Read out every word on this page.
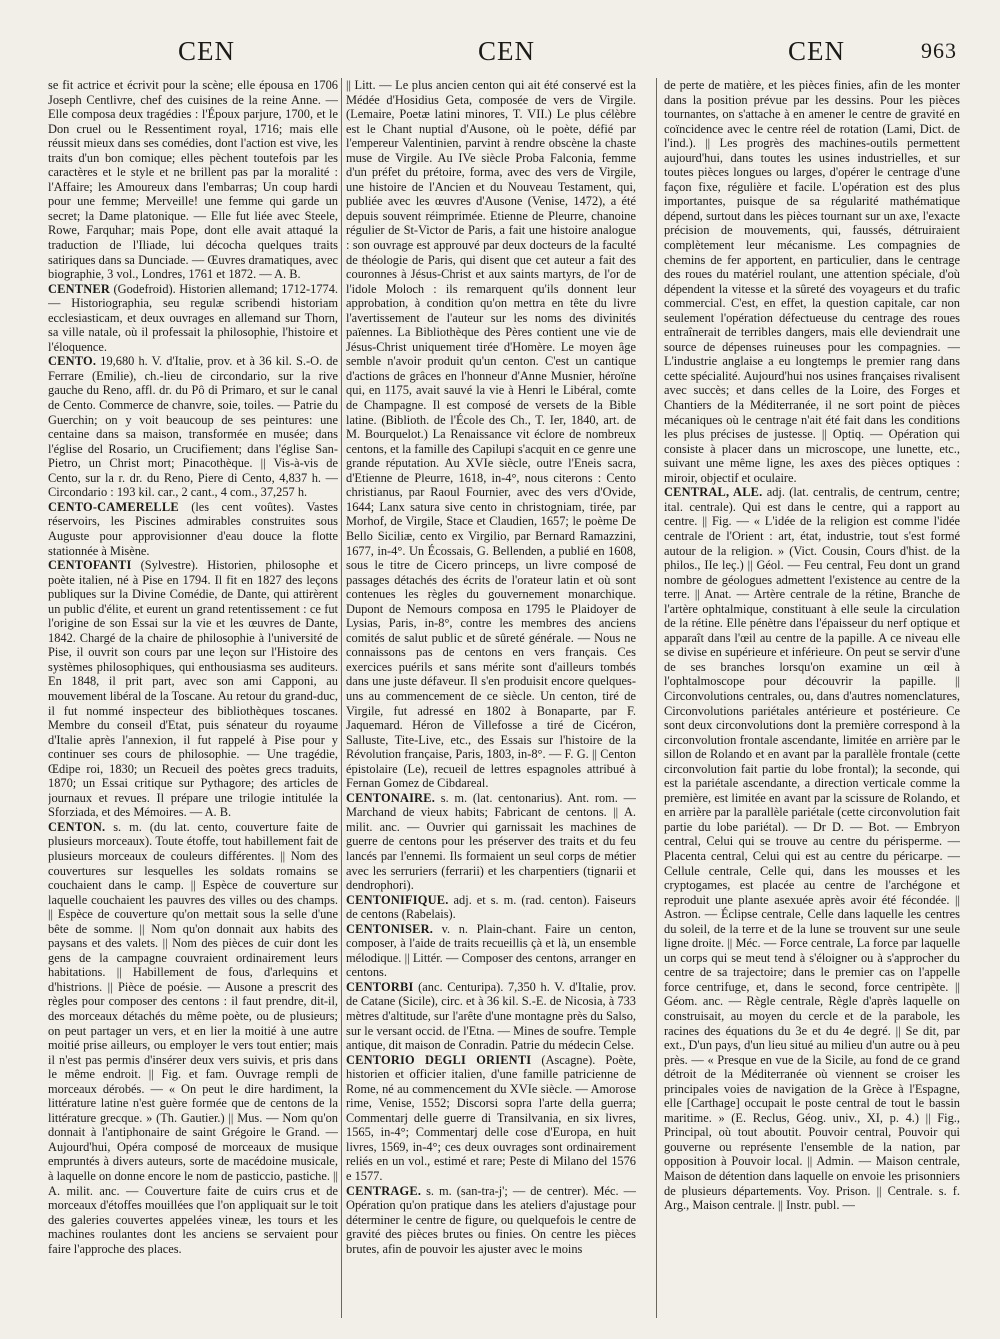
CEN	CEN	CEN	963

se fit actrice et écrivit pour la scène; elle épousa en 1706 Joseph Centlivre, chef des cuisines de la reine Anne. — Elle composa deux tragédies : l'Époux parjure, 1700, et le Don cruel ou le Ressentiment royal, 1716; mais elle réussit mieux dans ses comédies, dont l'action est vive, les traits d'un bon comique; elles pèchent toutefois par les caractères et le style et ne brillent pas par la moralité : l'Affaire; les Amoureux dans l'embarras; Un coup hardi pour une femme; Merveille! une femme qui garde un secret; la Dame platonique. — Elle fut liée avec Steele, Rowe, Farquhar; mais Pope, dont elle avait attaqué la traduction de l'Iliade, lui décocha quelques traits satiriques dans sa Dunciade. — Œuvres dramatiques, avec biographie, 3 vol., Londres, 1761 et 1872. — A. B.

CENTNER (Godefroid). Historien allemand; 1712-1774. — Historiographia, seu regulæ scribendi historiam ecclesiasticam, et deux ouvrages en allemand sur Thorn, sa ville natale, où il professait la philosophie, l'histoire et l'éloquence.

CENTO. 19,680 h. V. d'Italie, prov. et à 36 kil. S.-O. de Ferrare (Emilie), ch.-lieu de circondario, sur la rive gauche du Reno, affl. dr. du Pô di Primaro, et sur le canal de Cento. Commerce de chanvre, soie, toiles. — Patrie du Guerchin; on y voit beaucoup de ses peintures: une centaine dans sa maison, transformée en musée; dans l'église del Rosario, un Crucifiement; dans l'église San-Pietro, un Christ mort; Pinacothèque. || Vis-à-vis de Cento, sur la r. dr. du Reno, Piere di Cento, 4,837 h. — Circondario : 193 kil. car., 2 cant., 4 com., 37,257 h.

CENTO-CAMERELLE (les cent voûtes). Vastes réservoirs, les Piscines admirables construites sous Auguste pour approvisionner d'eau douce la flotte stationnée à Misène.

CENTOFANTI (Sylvestre). Historien, philosophe et poète italien, né à Pise en 1794. Il fit en 1827 des leçons publiques sur la Divine Comédie, de Dante, qui attirèrent un public d'élite, et eurent un grand retentissement : ce fut l'origine de son Essai sur la vie et les œuvres de Dante, 1842. Chargé de la chaire de philosophie à l'université de Pise, il ouvrit son cours par une leçon sur l'Histoire des systèmes philosophiques, qui enthousiasma ses auditeurs. En 1848, il prit part, avec son ami Capponi, au mouvement libéral de la Toscane. Au retour du grand-duc, il fut nommé inspecteur des bibliothèques toscanes. Membre du conseil d'Etat, puis sénateur du royaume d'Italie après l'annexion, il fut rappelé à Pise pour y continuer ses cours de philosophie. — Une tragédie, Œdipe roi, 1830; un Recueil des poètes grecs traduits, 1870; un Essai critique sur Pythagore; des articles de journaux et revues. Il prépare une trilogie intitulée la Sforziada, et des Mémoires. — A. B.

CENTON. s. m. (du lat. cento, couverture faite de plusieurs morceaux). Toute étoffe, tout habillement fait de plusieurs morceaux de couleurs différentes. || Nom des couvertures sur lesquelles les soldats romains se couchaient dans le camp. || Espèce de couverture sur laquelle couchaient les pauvres des villes ou des champs. || Espèce de couverture qu'on mettait sous la selle d'une bête de somme. || Nom qu'on donnait aux habits des paysans et des valets. || Nom des pièces de cuir dont les gens de la campagne couvraient ordinairement leurs habitations. || Habillement de fous, d'arlequins et d'histrions. || Pièce de poésie. — Ausone a prescrit des règles pour composer des centons : il faut prendre, dit-il, des morceaux détachés du même poète, ou de plusieurs; on peut partager un vers, et en lier la moitié à une autre moitié prise ailleurs, ou employer le vers tout entier; mais il n'est pas permis d'insérer deux vers suivis, et pris dans le même endroit. || Fig. et fam. Ouvrage rempli de morceaux dérobés. — « On peut le dire hardiment, la littérature latine n'est guère formée que de centons de la littérature grecque. » (Th. Gautier.) || Mus. — Nom qu'on donnait à l'antiphonaire de saint Grégoire le Grand. — Aujourd'hui, Opéra composé de morceaux de musique empruntés à divers auteurs, sorte de macédoine musicale, à laquelle on donne encore le nom de pasticcio, pastiche. || A. milit. anc. — Couverture faite de cuirs crus et de morceaux d'étoffes mouillées que l'on appliquait sur le toit des galeries couvertes appelées vineæ, les tours et les machines roulantes dont les anciens se servaient pour faire l'approche des places.

|| Litt. — Le plus ancien centon qui ait été conservé est la Médée d'Hosidius Geta, composée de vers de Virgile. (Lemaire, Poetæ latini minores, T. VII.) Le plus célèbre est le Chant nuptial d'Ausone, où le poète, défié par l'empereur Valentinien, parvint à rendre obscène la chaste muse de Virgile. Au IVe siècle Proba Falconia, femme d'un préfet du prétoire, forma, avec des vers de Virgile, une histoire de l'Ancien et du Nouveau Testament, qui, publiée avec les œuvres d'Ausone (Venise, 1472), a été depuis souvent réimprimée. Etienne de Pleurre, chanoine régulier de St-Victor de Paris, a fait une histoire analogue : son ouvrage est approuvé par deux docteurs de la faculté de théologie de Paris, qui disent que cet auteur a fait des couronnes à Jésus-Christ et aux saints martyrs, de l'or de l'idole Moloch : ils remarquent qu'ils donnent leur approbation, à condition qu'on mettra en tête du livre l'avertissement de l'auteur sur les noms des divinités païennes. La Bibliothèque des Pères contient une vie de Jésus-Christ uniquement tirée d'Homère. Le moyen âge semble n'avoir produit qu'un centon. C'est un cantique d'actions de grâces en l'honneur d'Anne Musnier, héroïne qui, en 1175, avait sauvé la vie à Henri le Libéral, comte de Champagne. Il est composé de versets de la Bible latine. (Biblioth. de l'École des Ch., T. Ier, 1840, art. de M. Bourquelot.) La Renaissance vit éclore de nombreux centons, et la famille des Capilupi s'acquit en ce genre une grande réputation. Au XVIe siècle, outre l'Eneis sacra, d'Etienne de Pleurre, 1618, in-4°, nous citerons : Cento christianus, par Raoul Fournier, avec des vers d'Ovide, 1644; Lanx satura sive cento in christogniam, tirée, par Morhof, de Virgile, Stace et Claudien, 1657; le poème De Bello Siciliæ, cento ex Virgilio, par Bernard Ramazzini, 1677, in-4°. Un Écossais, G. Bellenden, a publié en 1608, sous le titre de Cicero princeps, un livre composé de passages détachés des écrits de l'orateur latin et où sont contenues les règles du gouvernement monarchique. Dupont de Nemours composa en 1795 le Plaidoyer de Lysias, Paris, in-8°, contre les membres des anciens comités de salut public et de sûreté générale. — Nous ne connaissons pas de centons en vers français. Ces exercices puérils et sans mérite sont d'ailleurs tombés dans une juste défaveur. Il s'en produisit encore quelques-uns au commencement de ce siècle. Un centon, tiré de Virgile, fut adressé en 1802 à Bonaparte, par F. Jaquemard. Héron de Villefosse a tiré de Cicéron, Salluste, Tite-Live, etc., des Essais sur l'histoire de la Révolution française, Paris, 1803, in-8°. — F. G. || Centon épistolaire (Le), recueil de lettres espagnoles attribué à Fernan Gomez de Cibdareal.

CENTONAIRE. s. m. (lat. centonarius). Ant. rom. — Marchand de vieux habits; Fabricant de centons. || A. milit. anc. — Ouvrier qui garnissait les machines de guerre de centons pour les préserver des traits et du feu lancés par l'ennemi. Ils formaient un seul corps de métier avec les serruriers (ferrarii) et les charpentiers (tignarii et dendrophori).

CENTONIFIQUE. adj. et s. m. (rad. centon). Faiseurs de centons (Rabelais).

CENTONISER. v. n. Plain-chant. Faire un centon, composer, à l'aide de traits recueillis çà et là, un ensemble mélodique. || Littér. — Composer des centons, arranger en centons.

CENTORBI (anc. Centuripa). 7,350 h. V. d'Italie, prov. de Catane (Sicile), circ. et à 36 kil. S.-E. de Nicosia, à 733 mètres d'altitude, sur l'arête d'une montagne près du Salso, sur le versant occid. de l'Etna. — Mines de soufre. Temple antique, dit maison de Conradin. Patrie du médecin Celse.

CENTORIO DEGLI ORIENTI (Ascagne). Poète, historien et officier italien, d'une famille patricienne de Rome, né au commencement du XVIe siècle. — Amorose rime, Venise, 1552; Discorsi sopra l'arte della guerra; Commentarj delle guerre di Transilvania, en six livres, 1565, in-4°; Commentarj delle cose d'Europa, en huit livres, 1569, in-4°; ces deux ouvrages sont ordinairement reliés en un vol., estimé et rare; Peste di Milano del 1576 e 1577.

CENTRAGE. s. m. (san-tra-j'; — de centrer). Méc. — Opération qu'on pratique dans les ateliers d'ajustage pour déterminer le centre de figure, ou quelquefois le centre de gravité des pièces brutes ou finies. On centre les pièces brutes, afin de pouvoir les ajuster avec le moins

de perte de matière, et les pièces finies, afin de les monter dans la position prévue par les dessins. Pour les pièces tournantes, on s'attache à en amener le centre de gravité en coïncidence avec le centre réel de rotation (Lami, Dict. de l'ind.). || Les progrès des machines-outils permettent aujourd'hui, dans toutes les usines industrielles, et sur toutes pièces longues ou larges, d'opérer le centrage d'une façon fixe, régulière et facile. L'opération est des plus importantes, puisque de sa régularité mathématique dépend, surtout dans les pièces tournant sur un axe, l'exacte précision de mouvements, qui, faussés, détruiraient complètement leur mécanisme. Les compagnies de chemins de fer apportent, en particulier, dans le centrage des roues du matériel roulant, une attention spéciale, d'où dépendent la vitesse et la sûreté des voyageurs et du trafic commercial. C'est, en effet, la question capitale, car non seulement l'opération défectueuse du centrage des roues entraînerait de terribles dangers, mais elle deviendrait une source de dépenses ruineuses pour les compagnies. — L'industrie anglaise a eu longtemps le premier rang dans cette spécialité. Aujourd'hui nos usines françaises rivalisent avec succès; et dans celles de la Loire, des Forges et Chantiers de la Méditerranée, il ne sort point de pièces mécaniques où le centrage n'ait été fait dans les conditions les plus précises de justesse. || Optiq. — Opération qui consiste à placer dans un microscope, une lunette, etc., suivant une même ligne, les axes des pièces optiques : miroir, objectif et oculaire.

CENTRAL, ALE. adj. (lat. centralis, de centrum, centre; ital. centrale). Qui est dans le centre, qui a rapport au centre. || Fig. — « L'idée de la religion est comme l'idée centrale de l'Orient : art, état, industrie, tout s'est formé autour de la religion. » (Vict. Cousin, Cours d'hist. de la philos., IIe leç.) || Géol. — Feu central, Feu dont un grand nombre de géologues admettent l'existence au centre de la terre. || Anat. — Artère centrale de la rétine, Branche de l'artère ophtalmique, constituant à elle seule la circulation de la rétine. Elle pénètre dans l'épaisseur du nerf optique et apparaît dans l'œil au centre de la papille. A ce niveau elle se divise en supérieure et inférieure. On peut se servir d'une de ses branches lorsqu'on examine un œil à l'ophtalmoscope pour découvrir la papille. || Circonvolutions centrales, ou, dans d'autres nomenclatures, Circonvolutions pariétales antérieure et postérieure. Ce sont deux circonvolutions dont la première correspond à la circonvolution frontale ascendante, limitée en arrière par le sillon de Rolando et en avant par la parallèle frontale (cette circonvolution fait partie du lobe frontal); la seconde, qui est la pariétale ascendante, a direction verticale comme la première, est limitée en avant par la scissure de Rolando, et en arrière par la parallèle pariétale (cette circonvolution fait partie du lobe pariétal). — Dr D. — Bot. — Embryon central, Celui qui se trouve au centre du périsperme. — Placenta central, Celui qui est au centre du péricarpe. — Cellule centrale, Celle qui, dans les mousses et les cryptogames, est placée au centre de l'archégone et reproduit une plante asexuée après avoir été fécondée. || Astron. — Éclipse centrale, Celle dans laquelle les centres du soleil, de la terre et de la lune se trouvent sur une seule ligne droite. || Méc. — Force centrale, La force par laquelle un corps qui se meut tend à s'éloigner ou à s'approcher du centre de sa trajectoire; dans le premier cas on l'appelle force centrifuge, et, dans le second, force centripète. || Géom. anc. — Règle centrale, Règle d'après laquelle on construisait, au moyen du cercle et de la parabole, les racines des équations du 3e et du 4e degré. || Se dit, par ext., D'un pays, d'un lieu situé au milieu d'un autre ou à peu près. — « Presque en vue de la Sicile, au fond de ce grand détroit de la Méditerranée où viennent se croiser les principales voies de navigation de la Grèce à l'Espagne, elle [Carthage] occupait le poste central de tout le bassin maritime. » (E. Reclus, Géog. univ., XI, p. 4.) || Fig., Principal, où tout aboutit. Pouvoir central, Pouvoir qui gouverne ou représente l'ensemble de la nation, par opposition à Pouvoir local. || Admin. — Maison centrale, Maison de détention dans laquelle on envoie les prisonniers de plusieurs départements. Voy. Prison. || Centrale. s. f. Arg., Maison centrale. || Instr. publ. —
